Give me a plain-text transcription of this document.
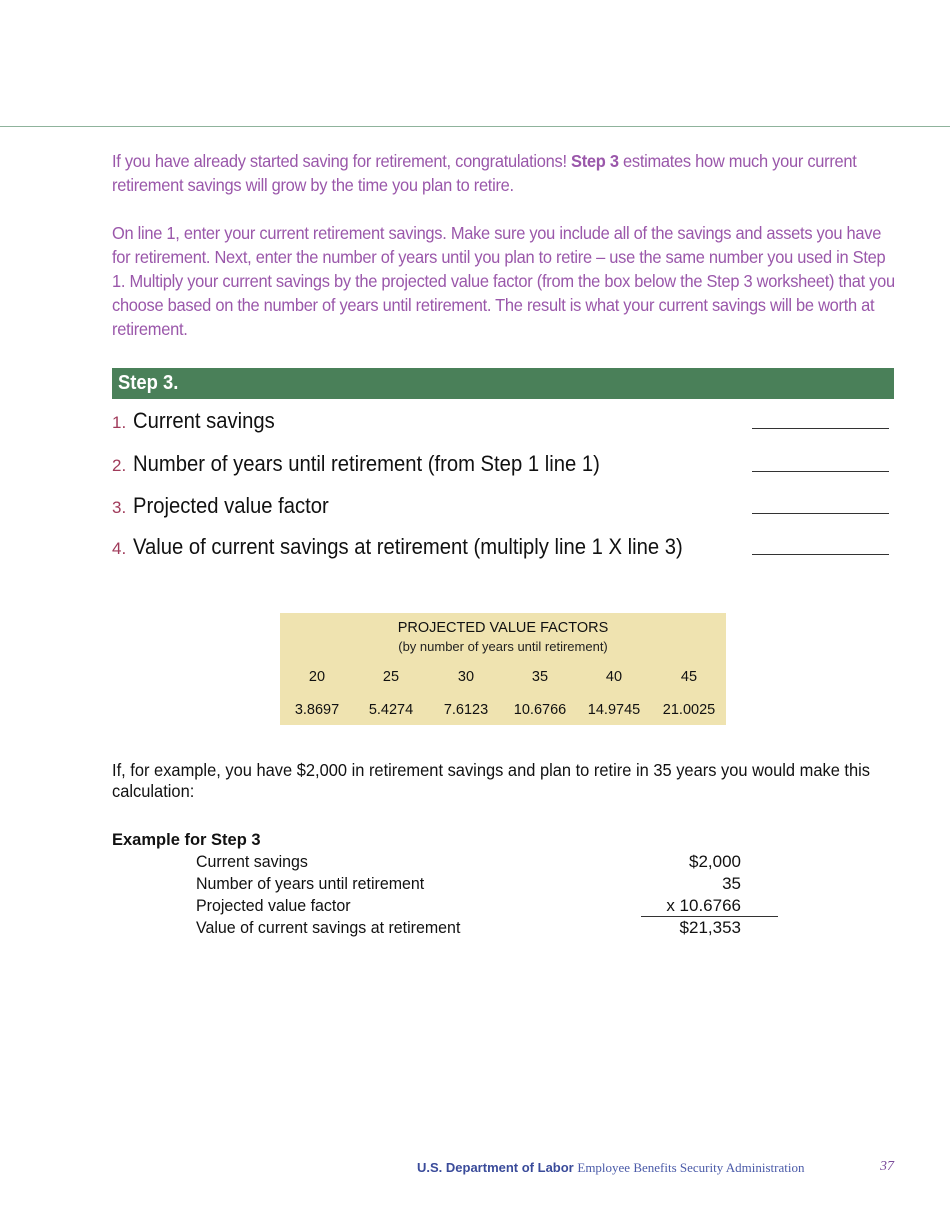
If you have already started saving for retirement, congratulations! Step 3 estimates how much your current retirement savings will grow by the time you plan to retire.

On line 1, enter your current retirement savings. Make sure you include all of the savings and assets you have for retirement. Next, enter the number of years until you plan to retire – use the same number you used in Step 1. Multiply your current savings by the projected value factor (from the box below the Step 3 worksheet) that you choose based on the number of years until retirement. The result is what your current savings will be worth at retirement.

Step 3.
1. Current savings
2. Number of years until retirement (from Step 1 line 1)
3. Projected value factor
4. Value of current savings at retirement (multiply line 1 X line 3)
PROJECTED VALUE FACTORS
(by number of years until retirement)
20	25	30	35	40	45
3.8697	5.4274	7.6123	10.6766	14.9745	21.0025
If, for example, you have $2,000 in retirement savings and plan to retire in 35 years you would make this calculation:
Example for Step 3
Current savings	$2,000
Number of years until retirement	35
Projected value factor	x 10.6766
Value of current savings at retirement	$21,353
U.S. Department of Labor Employee Benefits Security Administration	37
